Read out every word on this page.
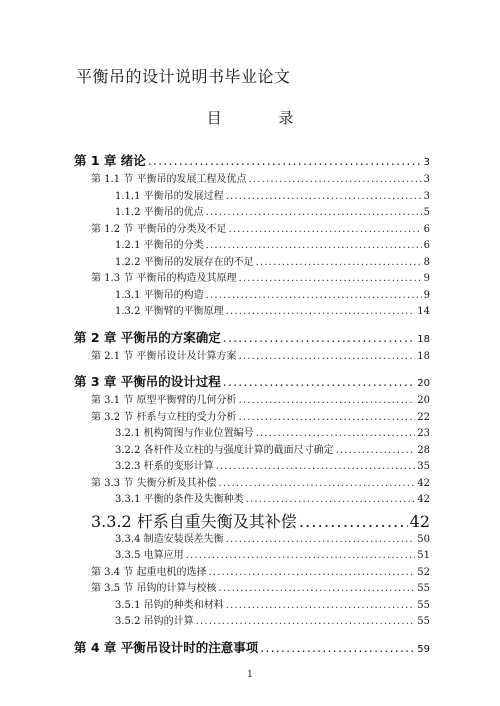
平衡吊的设计说明书毕业论文
目 录
第 1 章 绪论 .....	3
第 1.1 节 平衡吊的发展工程及优点 .....	3
1.1.1 平衡吊的发展过程 .....	3
1.1.2 平衡吊的优点 .....	5
第 1.2 节 平衡吊的分类及不足 .....	6
1.2.1 平衡吊的分类 .....	6
1.2.2 平衡吊的发展存在的不足 .....	8
第 1.3 节 平衡吊的构造及其原理 .....	9
1.3.1 平衡吊的构造 .....	9
1.3.2 平衡臂的平衡原理 .....	14
第 2 章 平衡吊的方案确定 .....	18
第 2.1 节 平衡吊设计及计算方案 .....	18
第 3 章 平衡吊的设计过程 .....	20
第 3.1 节 原型平衡臂的几何分析 .....	20
第 3.2 节 杆系与立柱的受力分析 .....	22
3.2.1 机构简图与作业位置编号 .....	23
3.2.2 各杆件及立柱的与强度计算的截面尺寸确定 .....	28
3.2.3 杆系的变形计算 .....	35
第 3.3 节 失衡分析及其补偿 .....	42
3.3.1 平衡的条件及失衡种类 .....	42
3.3.2 杆系自重失衡及其补偿 .....	42
3.3.4 制造安装误差失衡 .....	50
3.3.5 电算应用 .....	51
第 3.4 节 起重电机的选择 .....	52
第 3.5 节 吊钩的计算与校核 .....	55
3.5.1 吊钩的种类和材料 .....	55
3.5.2 吊钩的计算 .....	55
第 4 章 平衡吊设计时的注意事项 .....	59
1
